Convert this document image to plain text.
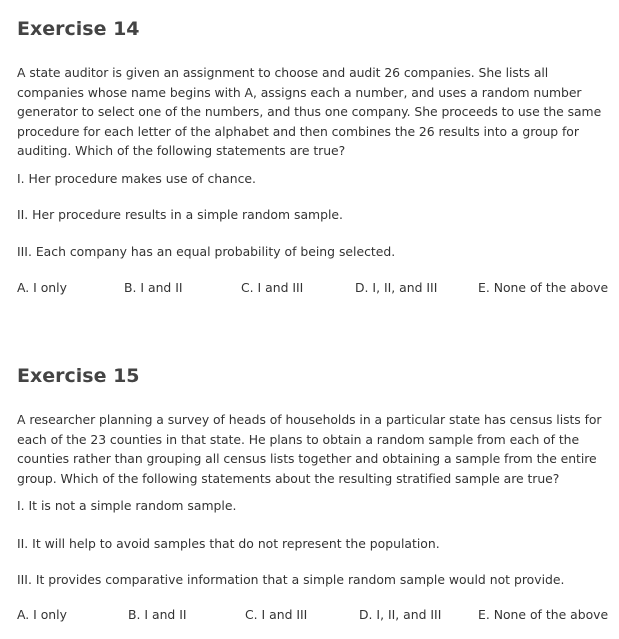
Exercise 14

A state auditor is given an assignment to choose and audit 26 companies. She lists all companies whose name begins with A, assigns each a number, and uses a random number generator to select one of the numbers, and thus one company. She proceeds to use the same procedure for each letter of the alphabet and then combines the 26 results into a group for auditing. Which of the following statements are true?

I. Her procedure makes use of chance.

II. Her procedure results in a simple random sample.

III. Each company has an equal probability of being selected.

A. I only	B. I and II	C. I and III	D. I, II, and III	E. None of the above
Exercise 15

A researcher planning a survey of heads of households in a particular state has census lists for each of the 23 counties in that state. He plans to obtain a random sample from each of the counties rather than grouping all census lists together and obtaining a sample from the entire group. Which of the following statements about the resulting stratified sample are true?

I. It is not a simple random sample.

II. It will help to avoid samples that do not represent the population.

III. It provides comparative information that a simple random sample would not provide.

A. I only	B. I and II	C. I and III	D. I, II, and III	E. None of the above
